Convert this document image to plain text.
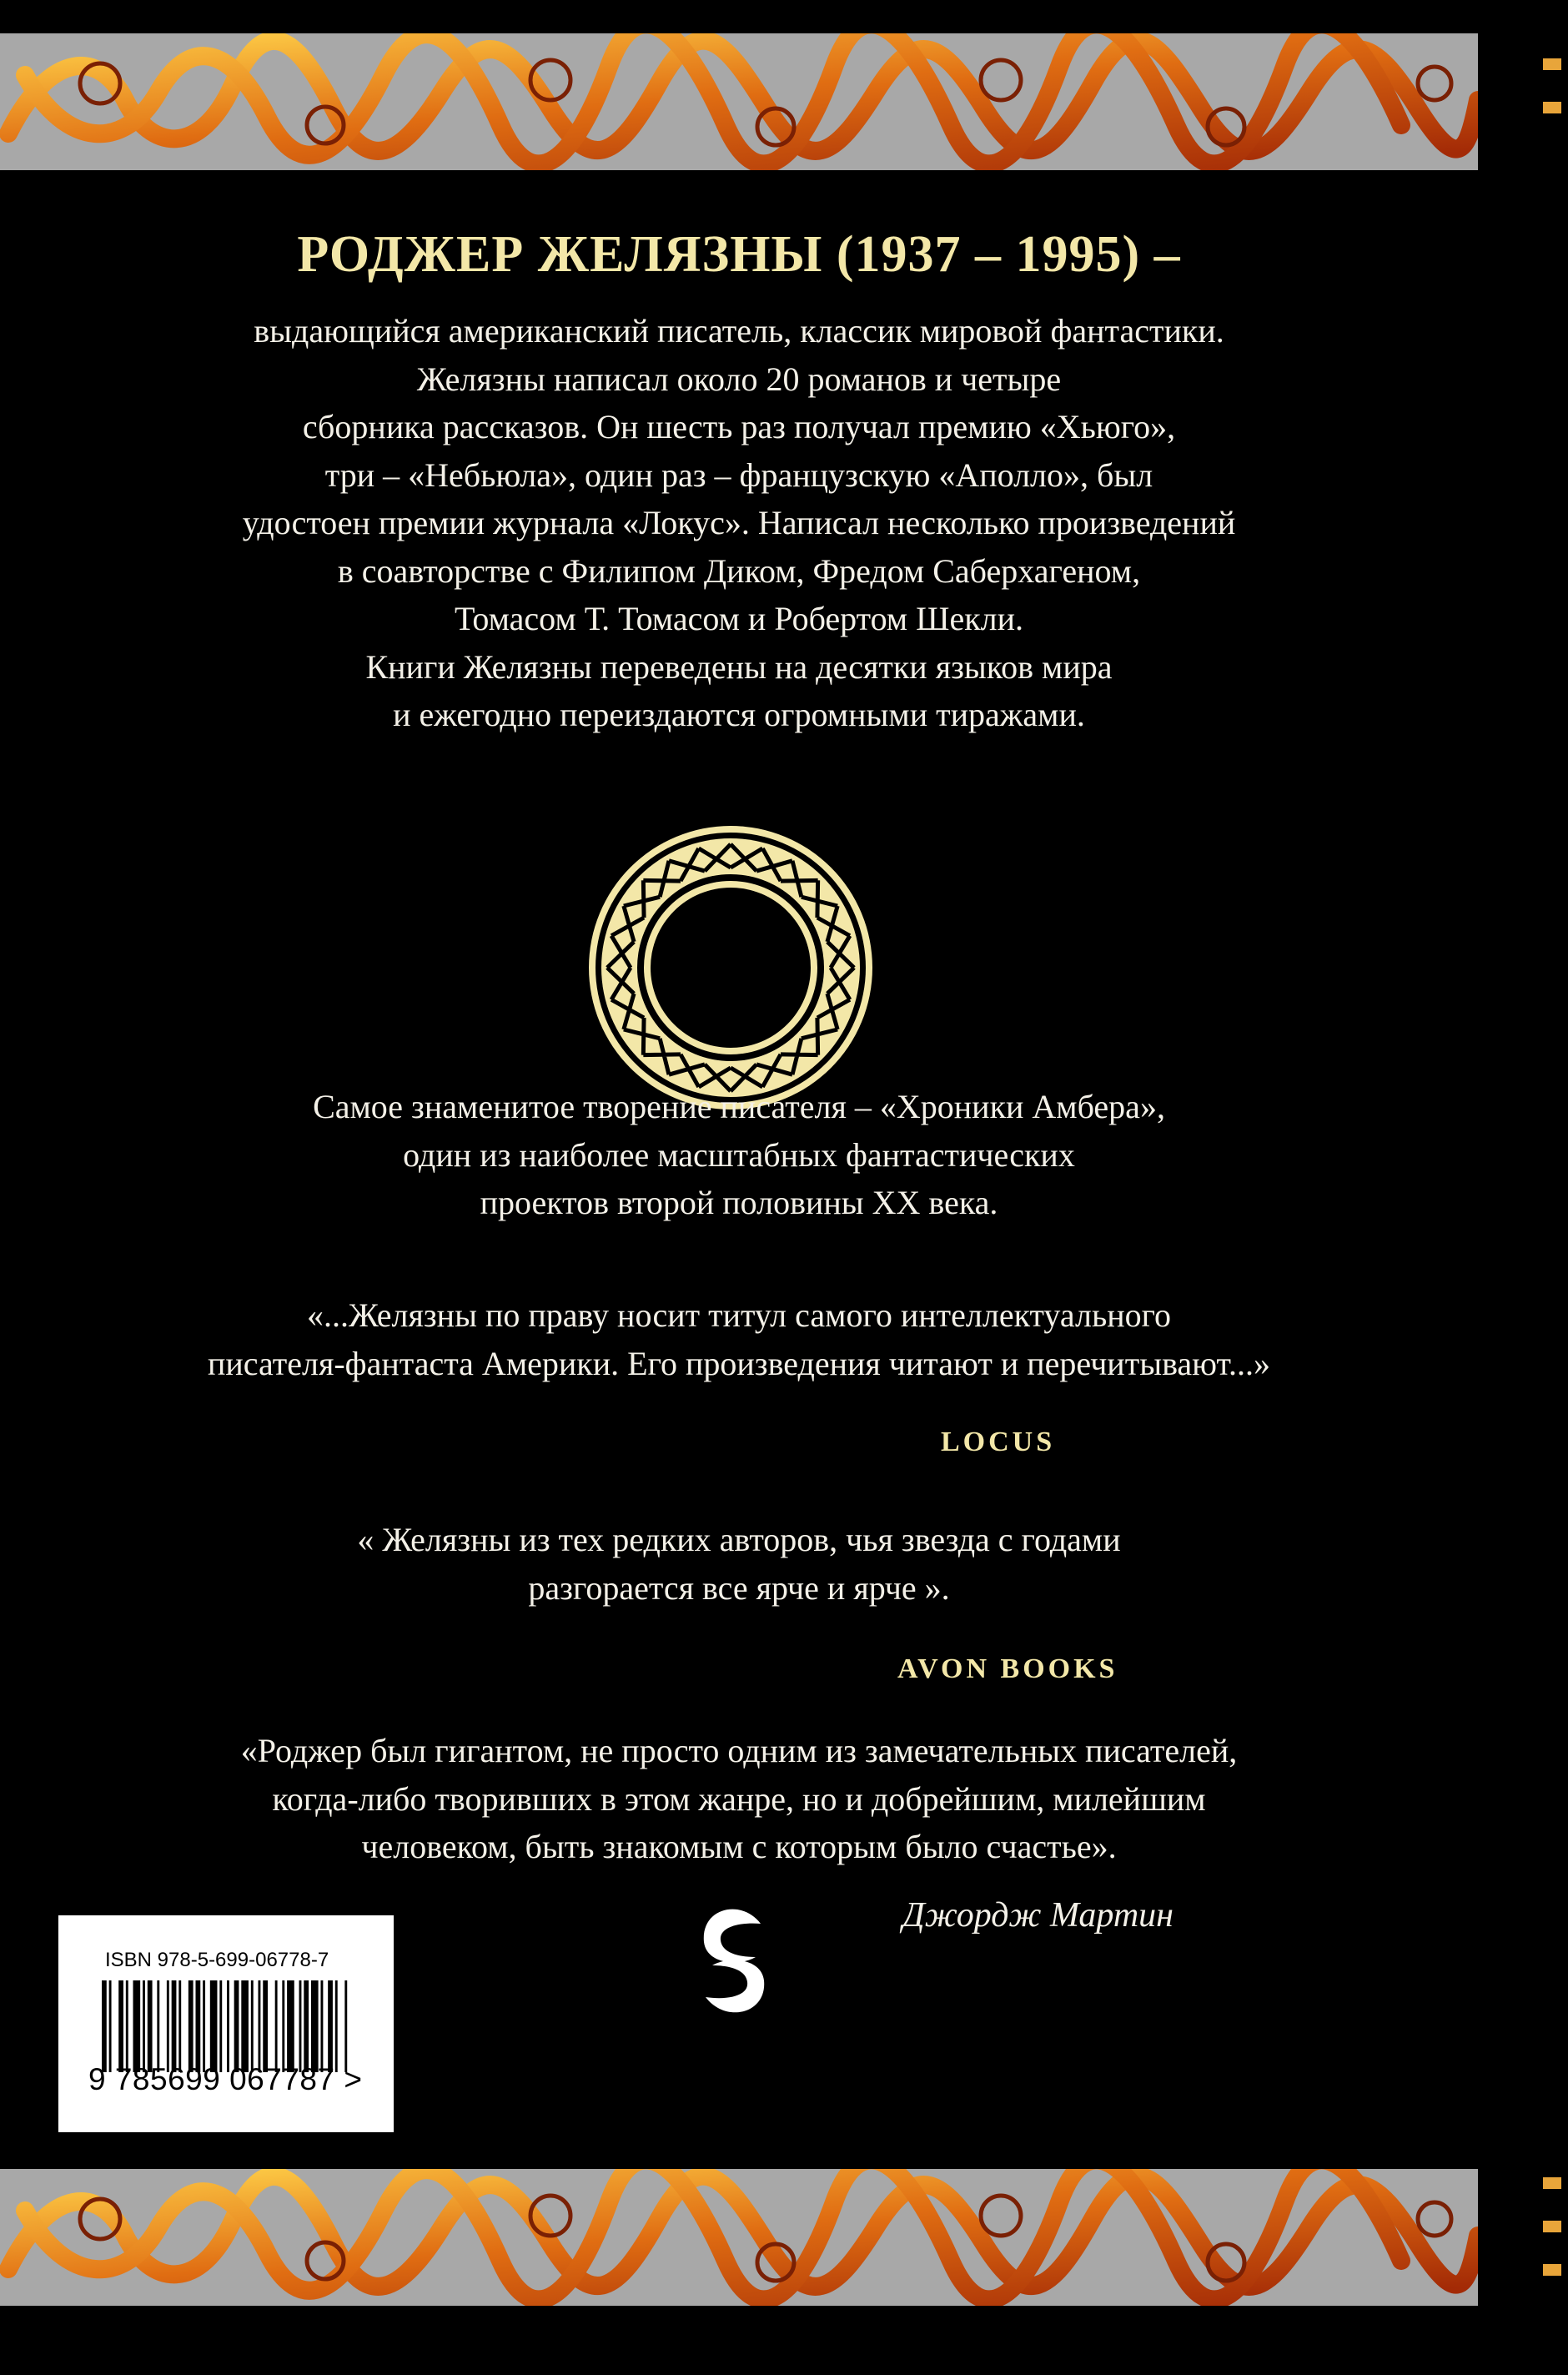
РОДЖЕР ЖЕЛЯЗНЫ (1937 – 1995) –
выдающийся американский писатель, классик мировой фантастики.
Желязны написал около 20 романов и четыре
сборника рассказов. Он шесть раз получал премию «Хьюго»,
три – «Небьюла», один раз – французскую «Аполло», был
удостоен премии журнала «Локус». Написал несколько произведений
в соавторстве с Филипом Диком, Фредом Саберхагеном,
Томасом Т. Томасом и Робертом Шекли.
Книги Желязны переведены на десятки языков мира
и ежегодно переиздаются огромными тиражами.
Самое знаменитое творение писателя – «Хроники Амбера»,
один из наиболее масштабных фантастических
проектов второй половины XX века.
«...Желязны по праву носит титул самого интеллектуального
писателя-фантаста Америки. Его произведения читают и перечитывают...»
LOCUS
« Желязны из тех редких авторов, чья звезда с годами
разгорается все ярче и ярче ».
AVON BOOKS
«Роджер был гигантом, не просто одним из замечательных писателей,
когда-либо творивших в этом жанре, но и добрейшим, милейшим
человеком, быть знакомым с которым было счастье».
Джордж Мартин
ISBN 978-5-699-06778-7
9 785699 067787 >
